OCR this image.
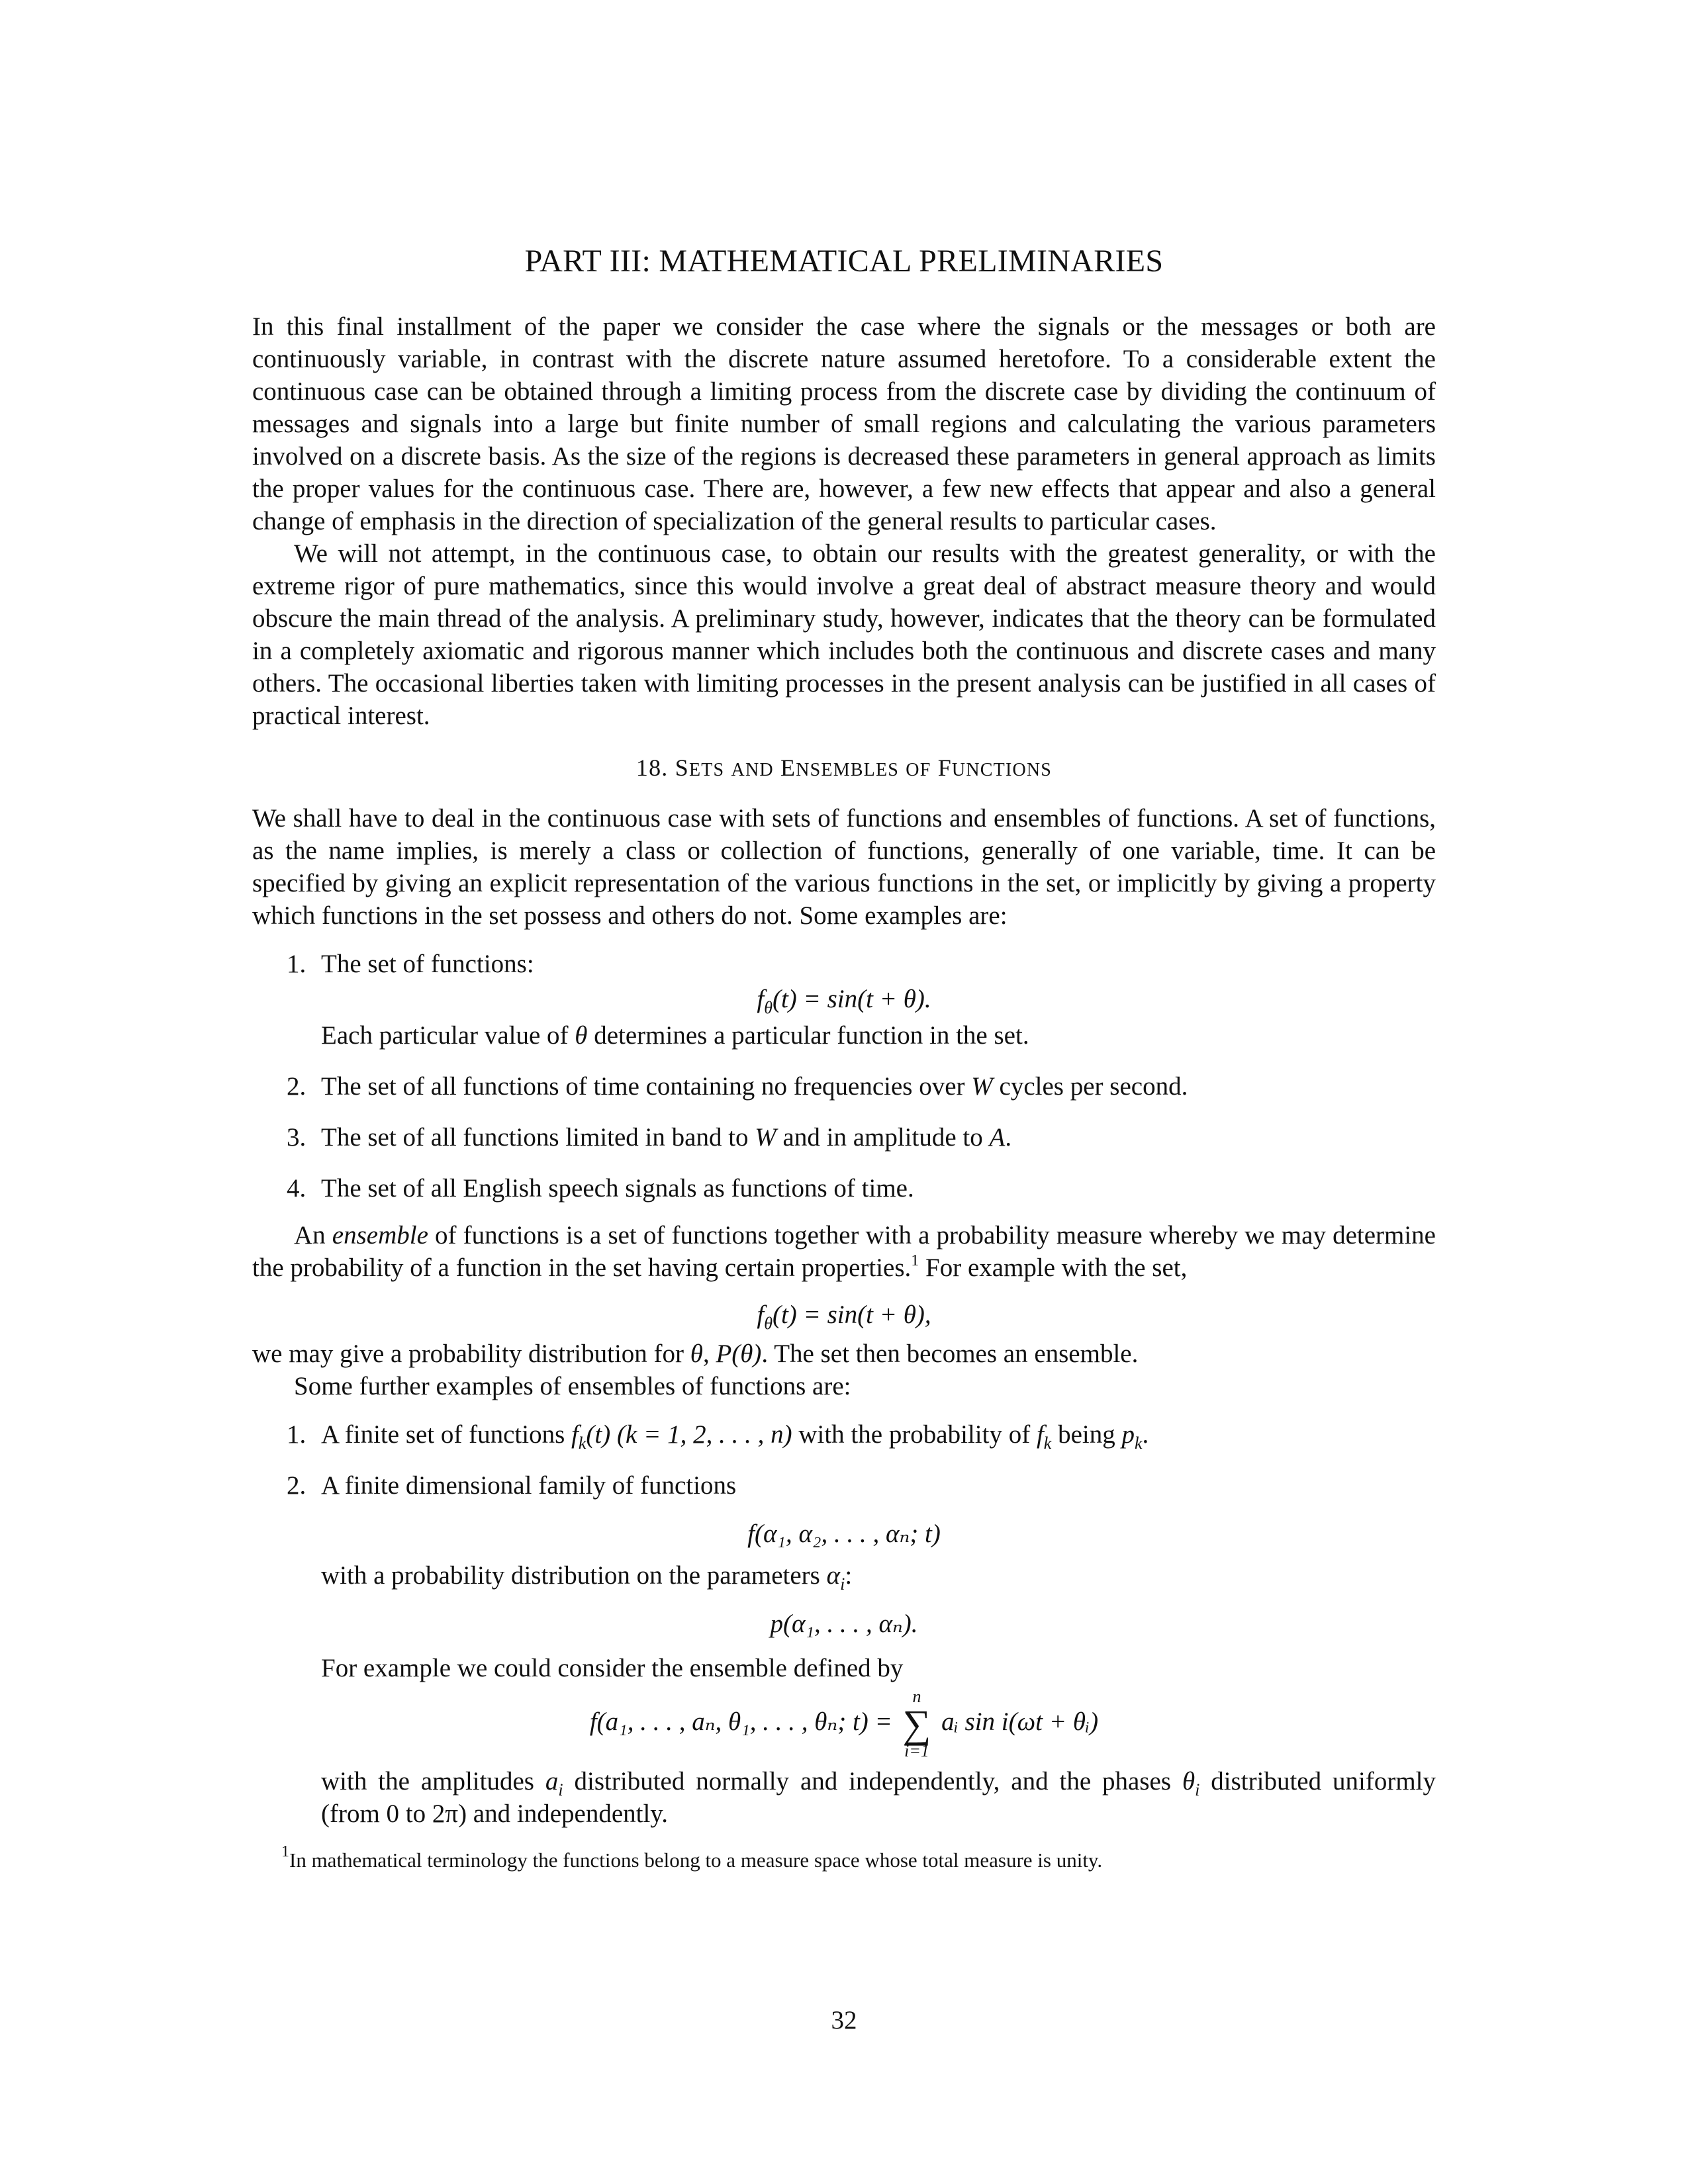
PART III: MATHEMATICAL PRELIMINARIES

In this final installment of the paper we consider the case where the signals or the messages or both are continuously variable, in contrast with the discrete nature assumed heretofore. To a considerable extent the continuous case can be obtained through a limiting process from the discrete case by dividing the continuum of messages and signals into a large but finite number of small regions and calculating the various parameters involved on a discrete basis. As the size of the regions is decreased these parameters in general approach as limits the proper values for the continuous case. There are, however, a few new effects that appear and also a general change of emphasis in the direction of specialization of the general results to particular cases.

We will not attempt, in the continuous case, to obtain our results with the greatest generality, or with the extreme rigor of pure mathematics, since this would involve a great deal of abstract measure theory and would obscure the main thread of the analysis. A preliminary study, however, indicates that the theory can be formulated in a completely axiomatic and rigorous manner which includes both the continuous and discrete cases and many others. The occasional liberties taken with limiting processes in the present analysis can be justified in all cases of practical interest.

18. SETS AND ENSEMBLES OF FUNCTIONS

We shall have to deal in the continuous case with sets of functions and ensembles of functions. A set of functions, as the name implies, is merely a class or collection of functions, generally of one variable, time. It can be specified by giving an explicit representation of the various functions in the set, or implicitly by giving a property which functions in the set possess and others do not. Some examples are:

1. The set of functions:
$f_\theta(t) = \sin(t + \theta)$.
Each particular value of θ determines a particular function in the set.
2. The set of all functions of time containing no frequencies over W cycles per second.
3. The set of all functions limited in band to W and in amplitude to A.
4. The set of all English speech signals as functions of time.

An ensemble of functions is a set of functions together with a probability measure whereby we may determine the probability of a function in the set having certain properties.$^1$ For example with the set,

$f_\theta(t) = \sin(t + \theta)$,

we may give a probability distribution for θ, P(θ). The set then becomes an ensemble.

Some further examples of ensembles of functions are:

1. A finite set of functions $f_k(t) (k = 1$, 2, . . . , n) with the probability of $f_k$ being $p_k$.
2. A finite dimensional family of functions
f(α₁, α₂, . . . , αₙ; t)
with a probability distribution on the parameters $\alpha_i$:
p(α₁, . . . , αₙ).
For example we could consider the ensemble defined by
f(a₁, . . . , aₙ, θ₁, . . . , θₙ; t) =
n
∑
i=1
aᵢ sin i(ωt + θᵢ)

with the amplitudes $a_i$ distributed normally and independently, and the phases $\theta_i$ distributed uniformly (from 0 to 2π) and independently.

$^1$In mathematical terminology the functions belong to a measure space whose total measure is unity.
32
